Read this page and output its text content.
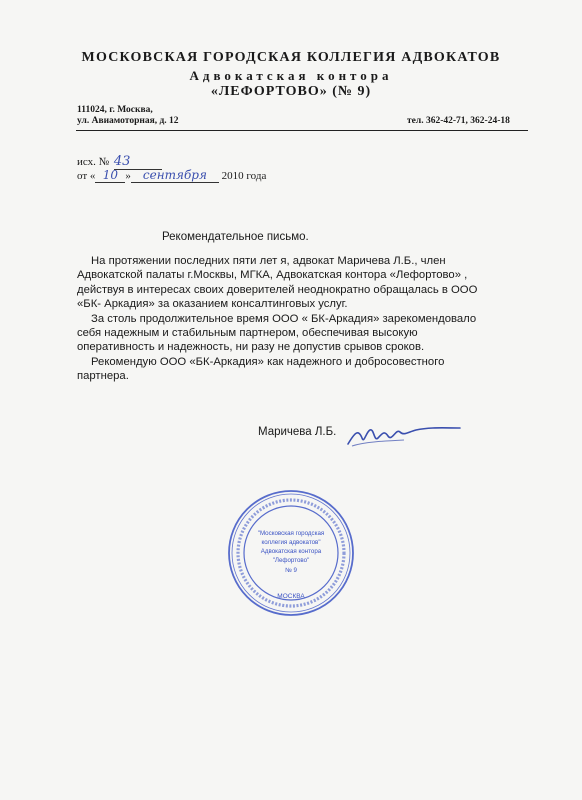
МОСКОВСКАЯ ГОРОДСКАЯ КОЛЛЕГИЯ АДВОКАТОВ
Адвокатская контора
«ЛЕФОРТОВО» (№ 9)
111024, г. Москва,
ул. Авиамоторная, д. 12	тел. 362-42-71, 362-24-18
исх. № 43
от « 10 » сентября 2010 года
Рекомендательное письмо.

На протяжении последних пяти лет я, адвокат Маричева Л.Б., член

Адвокатской палаты г.Москвы, МГКА, Адвокатская контора «Лефортово» ,

действуя в интересах своих доверителей неоднократно обращалась в ООО

«БК- Аркадия» за оказанием консалтинговых услуг.

За столь продолжительное время ООО « БК-Аркадия» зарекомендовало

себя надежным и стабильным партнером, обеспечивая высокую

оперативность и надежность, ни разу не допустив срывов сроков.

Рекомендую ООО «БК-Аркадия» как надежного и добросовестного

партнера.

Маричева Л.Б.
МОСКВА
"Московская городская
коллегия адвокатов"
Адвокатская контора
"Лефортово"
№ 9
